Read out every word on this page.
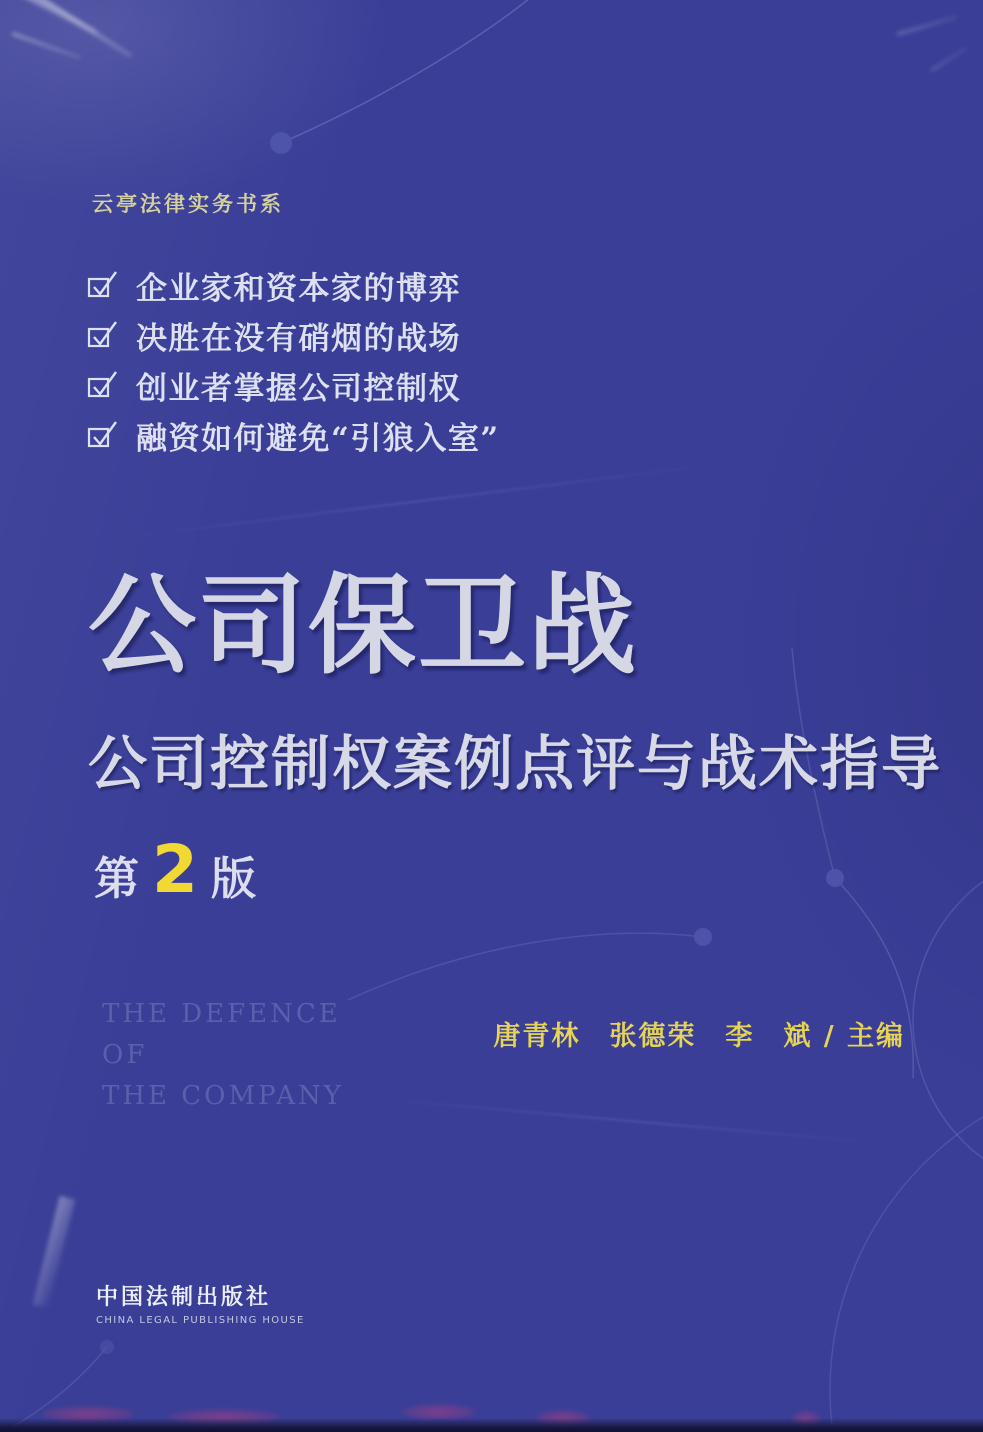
云亭法律实务书系
企业家和资本家的博弈
决胜在没有硝烟的战场
创业者掌握公司控制权
融资如何避免“引狼入室”
公司保卫战
公司控制权案例点评与战术指导
第 2 版
THE DEFENCE
OF
THE COMPANY
唐青林　张德荣　李　斌 / 主编
中国法制出版社
CHINA LEGAL PUBLISHING HOUSE
